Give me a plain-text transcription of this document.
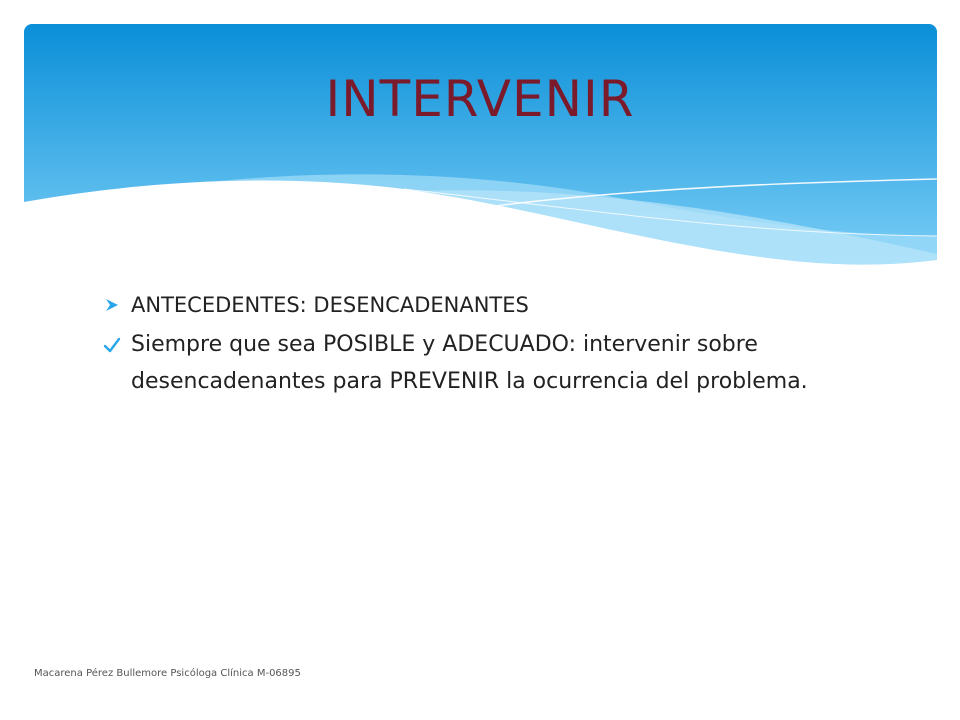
INTERVENIR
ANTECEDENTES: DESENCADENANTES
Siempre que sea POSIBLE y ADECUADO: intervenir sobre desencadenantes para PREVENIR la ocurrencia del problema.
Macarena Pérez Bullemore Psicóloga Clínica M-06895
